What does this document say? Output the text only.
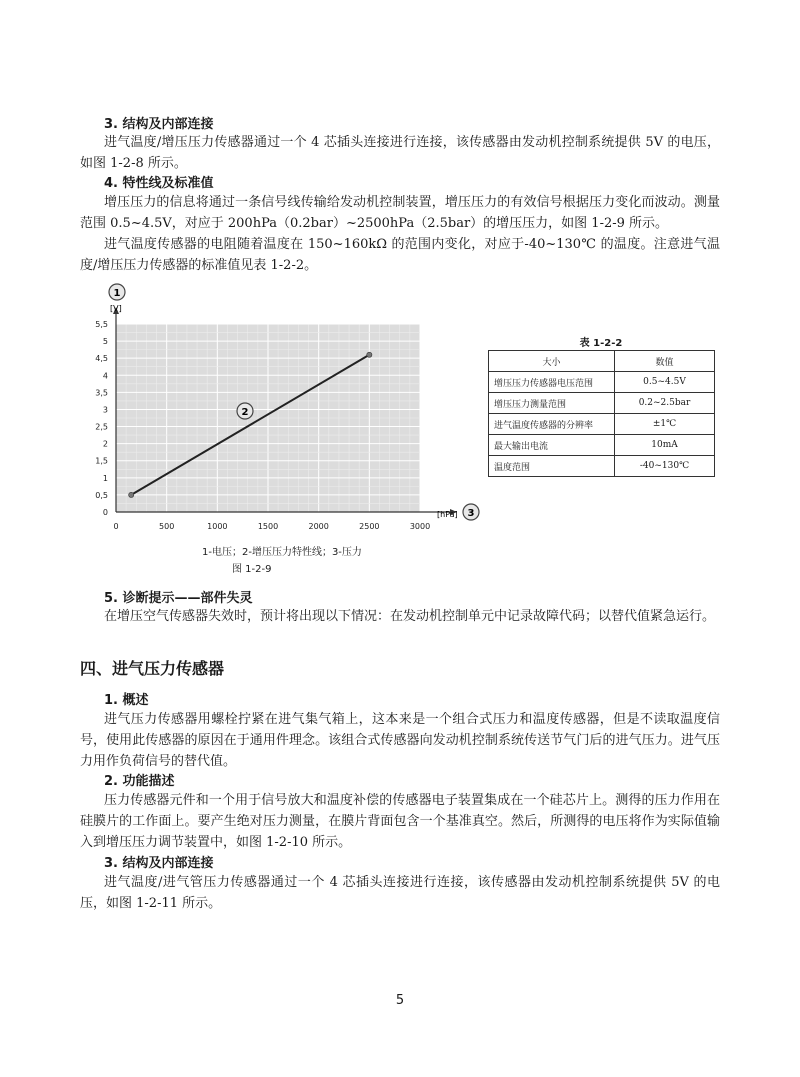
3. 结构及内部连接

进气温度/增压压力传感器通过一个 4 芯插头连接进行连接，该传感器由发动机控制系统提供 5V 的电压，如图 1-2-8 所示。

4. 特性线及标准值

增压压力的信息将通过一条信号线传输给发动机控制装置，增压压力的有效信号根据压力变化而波动。测量范围 0.5~4.5V，对应于 200hPa（0.2bar）~2500hPa（2.5bar）的增压压力，如图 1-2-9 所示。

进气温度传感器的电阻随着温度在 150~160kΩ 的范围内变化，对应于-40~130℃ 的温度。注意进气温度/增压压力传感器的标准值见表 1-2-2。

0
0,5
1
1,5
2
2,5
3
3,5
4
4,5
5
5,5
0	500	1000	1500	2000	2500	3000
1
[V]
2
[hPa] 3
1-电压；2-增压压力特性线；3-压力
图 1-2-9
表 1-2-2
大小	数值
增压压力传感器电压范围	0.5~4.5V
增压压力测量范围	0.2~2.5bar
进气温度传感器的分辨率	±1℃
最大输出电流	10mA
温度范围	-40~130℃
5. 诊断提示——部件失灵

在增压空气传感器失效时，预计将出现以下情况：在发动机控制单元中记录故障代码；以替代值紧急运行。

四、进气压力传感器
1. 概述

进气压力传感器用螺栓拧紧在进气集气箱上，这本来是一个组合式压力和温度传感器，但是不读取温度信号，使用此传感器的原因在于通用件理念。该组合式传感器向发动机控制系统传送节气门后的进气压力。进气压力用作负荷信号的替代值。

2. 功能描述

压力传感器元件和一个用于信号放大和温度补偿的传感器电子装置集成在一个硅芯片上。测得的压力作用在硅膜片的工作面上。要产生绝对压力测量，在膜片背面包含一个基准真空。然后，所测得的电压将作为实际值输入到增压压力调节装置中，如图 1-2-10 所示。

3. 结构及内部连接

进气温度/进气管压力传感器通过一个 4 芯插头连接进行连接，该传感器由发动机控制系统提供 5V 的电压，如图 1-2-11 所示。

5
